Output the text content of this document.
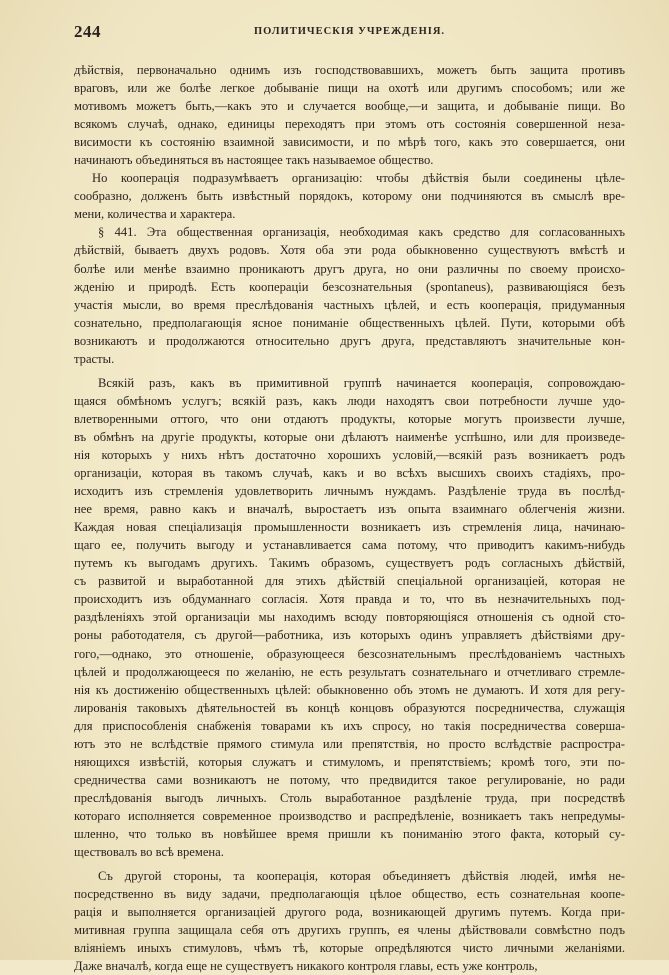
244	ПОЛИТИЧЕСКІЯ УЧРЕЖДЕНІЯ.
дѣйствія, первоначально однимъ изъ господствовавшихъ, можетъ быть защита противъ
враговъ, или же болѣе легкое добываніе пищи на охотѣ или другимъ способомъ; или же
мотивомъ можетъ быть,—какъ это и случается вообще,—и защита, и добываніе пищи. Во
всякомъ случаѣ, однако, единицы переходятъ при этомъ отъ состоянія совершенной неза-
висимости къ состоянію взаимной зависимости, и по мѣрѣ того, какъ это совершается, они
начинаютъ объединяться въ настоящее такъ называемое общество.
Но кооперація подразумѣваетъ организацію: чтобы дѣйствія были соединены цѣле-
сообразно, долженъ быть извѣстный порядокъ, которому они подчиняются въ смыслѣ вре-
мени, количества и характера.
§ 441. Эта общественная организація, необходимая какъ средство для согласованныхъ
дѣйствій, бываетъ двухъ родовъ. Хотя оба эти рода обыкновенно существуютъ вмѣстѣ и
болѣе или менѣе взаимно проникаютъ другъ друга, но они различны по своему происхо-
жденію и природѣ. Есть коопераціи безсознательныя (spontaneus), развивающіяся безъ
участія мысли, во время преслѣдованія частныхъ цѣлей, и есть кооперація, придуманныя
сознательно, предполагающія ясное пониманіе общественныхъ цѣлей. Пути, которыми обѣ
возникаютъ и продолжаются относительно другъ друга, представляютъ значительные кон-
трасты.
Всякій разъ, какъ въ примитивной группѣ начинается кооперація, сопровождаю-
щаяся обмѣномъ услугъ; всякій разъ, какъ люди находятъ свои потребности лучше удо-
влетворенными оттого, что они отдаютъ продукты, которые могутъ произвести лучше,
въ обмѣнъ на другіе продукты, которые они дѣлаютъ наименѣе успѣшно, или для произведе-
нія которыхъ у нихъ нѣтъ достаточно хорошихъ условій,—всякій разъ возникаетъ родъ
организаціи, которая въ такомъ случаѣ, какъ и во всѣхъ высшихъ своихъ стадіяхъ, про-
исходитъ изъ стремленія удовлетворить личнымъ нуждамъ. Раздѣленіе труда въ послѣд-
нее время, равно какъ и вначалѣ, выростаетъ изъ опыта взаимнаго облегченія жизни.
Каждая новая спеціализація промышленности возникаетъ изъ стремленія лица, начинаю-
щаго ее, получить выгоду и устанавливается сама потому, что приводитъ какимъ-нибудь
путемъ къ выгодамъ другихъ. Такимъ образомъ, существуетъ родъ согласныхъ дѣйствій,
съ развитой и выработанной для этихъ дѣйствій спеціальной организаціей, которая не
происходитъ изъ обдуманнаго согласія. Хотя правда и то, что въ незначительныхъ под-
раздѣленіяхъ этой организаціи мы находимъ всюду повторяющіяся отношенія съ одной сто-
роны работодателя, съ другой—работника, изъ которыхъ одинъ управляетъ дѣйствіями дру-
гого,—однако, это отношеніе, образующееся безсознательнымъ преслѣдованіемъ частныхъ
цѣлей и продолжающееся по желанію, не есть результатъ сознательнаго и отчетливаго стремле-
нія къ достиженію общественныхъ цѣлей: обыкновенно объ этомъ не думаютъ. И хотя для регу-
лированія таковыхъ дѣятельностей въ концѣ концовъ образуются посредничества, служащія
для приспособленія снабженія товарами къ ихъ спросу, но такія посредничества соверша-
ютъ это не вслѣдствіе прямого стимула или препятствія, но просто вслѣдствіе распростра-
няющихся извѣстій, которыя служатъ и стимуломъ, и препятствіемъ; кромѣ того, эти по-
средничества сами возникаютъ не потому, что предвидится такое регулированіе, но ради
преслѣдованія выгодъ личныхъ. Столь выработанное раздѣленіе труда, при посредствѣ
котораго исполняется современное производство и распредѣленіе, возникаетъ такъ непредумы-
шленно, что только въ новѣйшее время пришли къ пониманію этого факта, который су-
ществовалъ во всѣ времена.
Съ другой стороны, та кооперація, которая объединяетъ дѣйствія людей, имѣя не-
посредственно въ виду задачи, предполагающія цѣлое общество, есть сознательная коопе-
рація и выполняется организаціей другого рода, возникающей другимъ путемъ. Когда при-
митивная группа защищала себя отъ другихъ группъ, ея члены дѣйствовали совмѣстно подъ
вліяніемъ иныхъ стимуловъ, чѣмъ тѣ, которые опредѣляются чисто личными желаніями.
Даже вначалѣ, когда еще не существуетъ никакого контроля главы, есть уже контроль,
